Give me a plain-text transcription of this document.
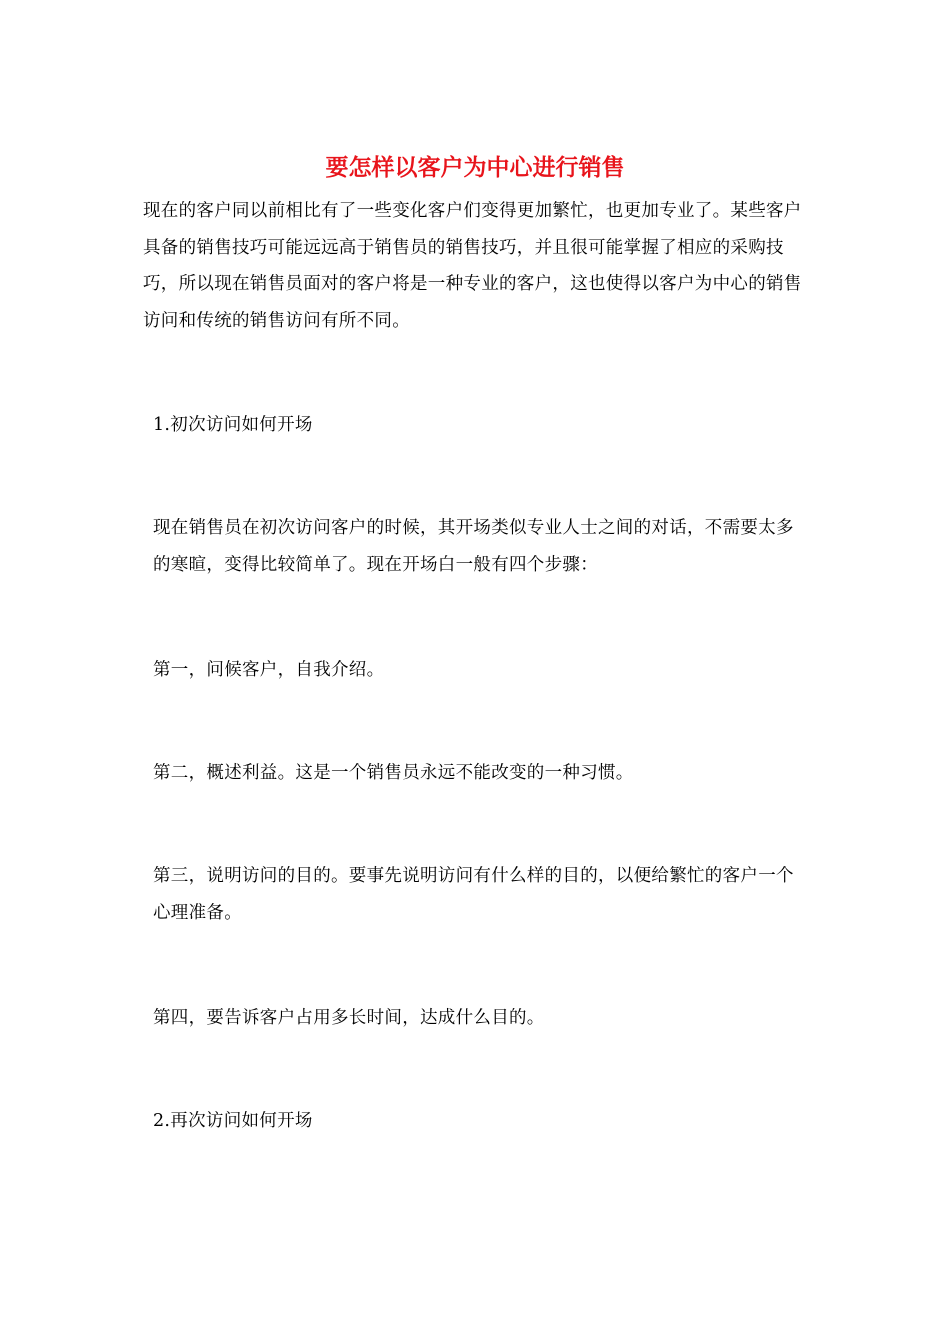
要怎样以客户为中心进行销售

现在的客户同以前相比有了一些变化客户们变得更加繁忙，也更加专业了。某些客户具备的销售技巧可能远远高于销售员的销售技巧，并且很可能掌握了相应的采购技巧，所以现在销售员面对的客户将是一种专业的客户，这也使得以客户为中心的销售访问和传统的销售访问有所不同。

1.初次访问如何开场

现在销售员在初次访问客户的时候，其开场类似专业人士之间的对话，不需要太多的寒暄，变得比较简单了。现在开场白一般有四个步骤：

第一，问候客户，自我介绍。

第二，概述利益。这是一个销售员永远不能改变的一种习惯。

第三，说明访问的目的。要事先说明访问有什么样的目的，以便给繁忙的客户一个心理准备。

第四，要告诉客户占用多长时间，达成什么目的。

2.再次访问如何开场
